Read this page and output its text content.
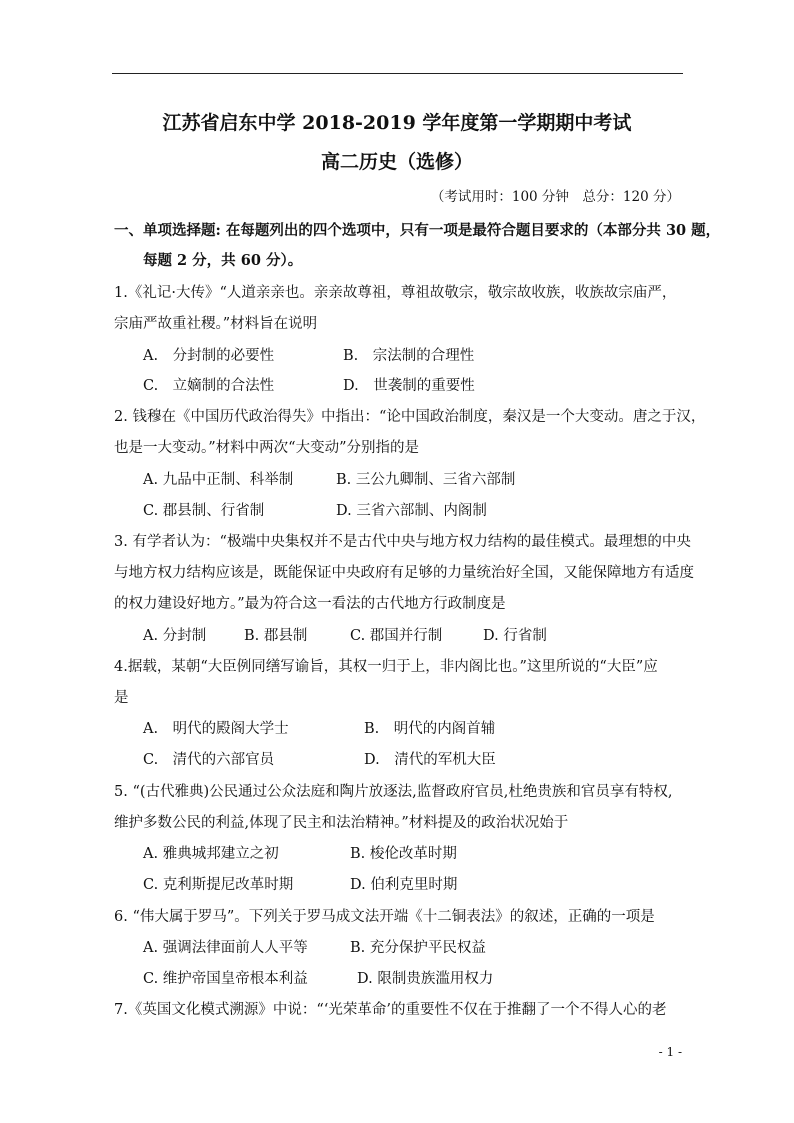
江苏省启东中学 2018-2019 学年度第一学期期中考试
高二历史（选修）
（考试用时：100 分钟　总分：120 分）
一、单项选择题: 在每题列出的四个选项中，只有一项是最符合题目要求的（本部分共 30 题，
每题 2 分，共 60 分）。
1.《礼记·大传》“人道亲亲也。亲亲故尊祖，尊祖故敬宗，敬宗故收族，收族故宗庙严，
宗庙严故重社稷。”材料旨在说明
A.　分封制的必要性	B.　宗法制的合理性
C.　立嫡制的合法性	D.　世袭制的重要性
2. 钱穆在《中国历代政治得失》中指出：“论中国政治制度，秦汉是一个大变动。唐之于汉，
也是一大变动。”材料中两次“大变动”分别指的是
A. 九品中正制、科举制	B. 三公九卿制、三省六部制
C. 郡县制、行省制	D. 三省六部制、内阁制
3. 有学者认为：“极端中央集权并不是古代中央与地方权力结构的最佳模式。最理想的中央
与地方权力结构应该是，既能保证中央政府有足够的力量统治好全国，又能保障地方有适度
的权力建设好地方。”最为符合这一看法的古代地方行政制度是
A. 分封制	B. 郡县制	C. 郡国并行制	D. 行省制
4.据载，某朝“大臣例同缮写谕旨，其权一归于上，非内阁比也。”这里所说的“大臣”应
是
A.　明代的殿阁大学士	B.　明代的内阁首辅
C.　清代的六部官员	D.　清代的军机大臣
5. “(古代雅典)公民通过公众法庭和陶片放逐法,监督政府官员,杜绝贵族和官员享有特权,
维护多数公民的利益,体现了民主和法治精神。”材料提及的政治状况始于
A. 雅典城邦建立之初	B. 梭伦改革时期
C. 克利斯提尼改革时期	D. 伯利克里时期
6. “伟大属于罗马”。下列关于罗马成文法开端《十二铜表法》的叙述，正确的一项是
A. 强调法律面前人人平等	B. 充分保护平民权益
C. 维护帝国皇帝根本利益	D. 限制贵族滥用权力
7.《英国文化模式溯源》中说：“‘光荣革命’的重要性不仅在于推翻了一个不得人心的老
- 1 -
